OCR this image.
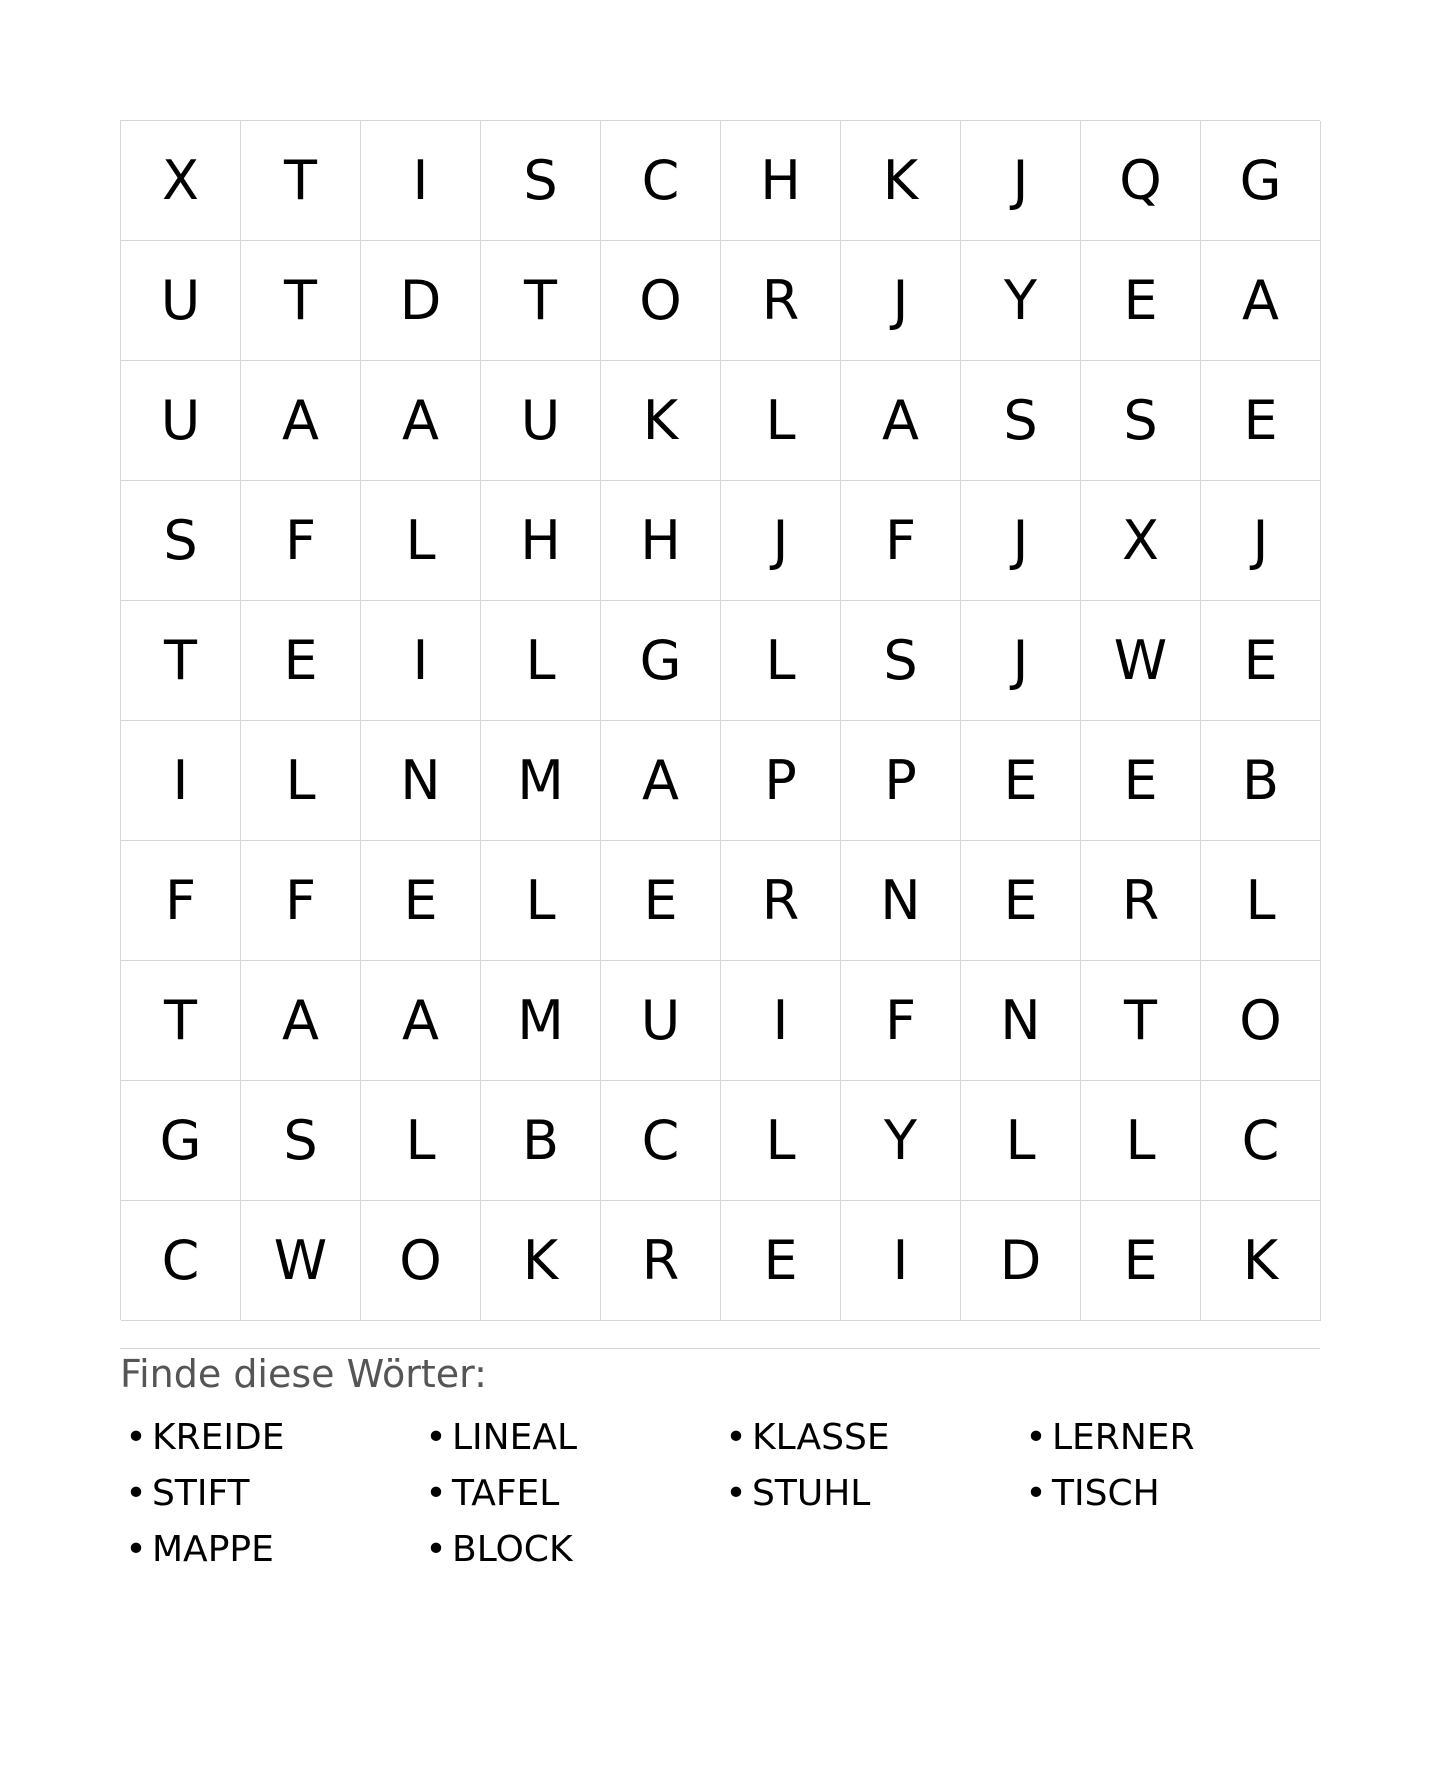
X	T	I	S	C	H	K	J	Q	G
U	T	D	T	O	R	J	Y	E	A
U	A	A	U	K	L	A	S	S	E
S	F	L	H	H	J	F	J	X	J
T	E	I	L	G	L	S	J	W	E
I	L	N	M	A	P	P	E	E	B
F	F	E	L	E	R	N	E	R	L
T	A	A	M	U	I	F	N	T	O
G	S	L	B	C	L	Y	L	L	C
C	W	O	K	R	E	I	D	E	K
Finde diese Wörter:
• KREIDE	• LINEAL	• KLASSE	• LERNER
• STIFT	• TAFEL	• STUHL	• TISCH
• MAPPE	• BLOCK
